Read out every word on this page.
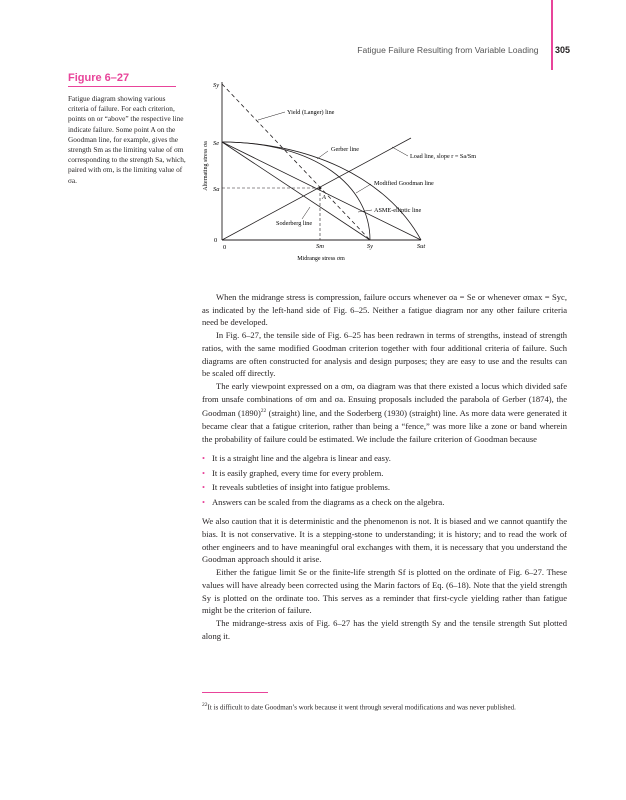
Fatigue Failure Resulting from Variable Loading 305
Figure 6–27
Fatigue diagram showing various criteria of failure. For each criterion, points on or “above” the respective line indicate failure. Some point A on the Goodman line, for example, gives the strength Sm as the limiting value of σm corresponding to the strength Sa, which, paired with σm, is the limiting value of σa.	Alternating stress σa
Sy
Se
Sa
0
0	Sm	Sy	Sut
Midrange stress σm
A
Yield (Langer) line
Gerber line
Load line, slope r = Sa/Sm
Modified Goodman line
ASME-elliptic line
Soderberg line

When the midrange stress is compression, failure occurs whenever σa = Se or whenever σmax = Syc, as indicated by the left-hand side of Fig. 6–25. Neither a fatigue diagram nor any other failure criteria need be developed.

In Fig. 6–27, the tensile side of Fig. 6–25 has been redrawn in terms of strengths, instead of strength ratios, with the same modified Goodman criterion together with four additional criteria of failure. Such diagrams are often constructed for analysis and design purposes; they are easy to use and the results can be scaled off directly.

The early viewpoint expressed on a σm, σa diagram was that there existed a locus which divided safe from unsafe combinations of σm and σa. Ensuing proposals included the parabola of Gerber (1874), the Goodman (1890)$^{22}$ (straight) line, and the Soderberg (1930) (straight) line. As more data were generated it became clear that a fatigue criterion, rather than being a “fence,” was more like a zone or band wherein the probability of failure could be estimated. We include the failure criterion of Goodman because

• It is a straight line and the algebra is linear and easy.
• It is easily graphed, every time for every problem.
• It reveals subtleties of insight into fatigue problems.
• Answers can be scaled from the diagrams as a check on the algebra.

We also caution that it is deterministic and the phenomenon is not. It is biased and we cannot quantify the bias. It is not conservative. It is a stepping-stone to understanding; it is history; and to read the work of other engineers and to have meaningful oral exchanges with them, it is necessary that you understand the Goodman approach should it arise.

Either the fatigue limit Se or the finite-life strength Sf is plotted on the ordinate of Fig. 6–27. These values will have already been corrected using the Marin factors of Eq. (6–18). Note that the yield strength Sy is plotted on the ordinate too. This serves as a reminder that first-cycle yielding rather than fatigue might be the criterion of failure.

The midrange-stress axis of Fig. 6–27 has the yield strength Sy and the tensile strength Sut plotted along it.

$^{22}$It is difficult to date Goodman’s work because it went through several modifications and was never published.
